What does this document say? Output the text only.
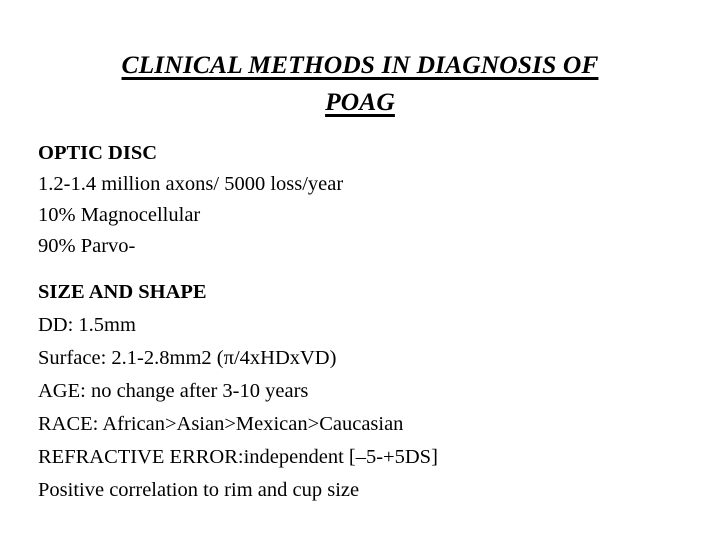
CLINICAL METHODS IN DIAGNOSIS OF
POAG
OPTIC DISC
1.2-1.4 million axons/ 5000 loss/year
10% Magnocellular
90% Parvo-
SIZE AND SHAPE
DD: 1.5mm
Surface: 2.1-2.8mm2 (π/4xHDxVD)
AGE: no change after 3-10 years
RACE: African>Asian>Mexican>Caucasian
REFRACTIVE ERROR:independent [–5-+5DS]
Positive correlation to rim and cup size
